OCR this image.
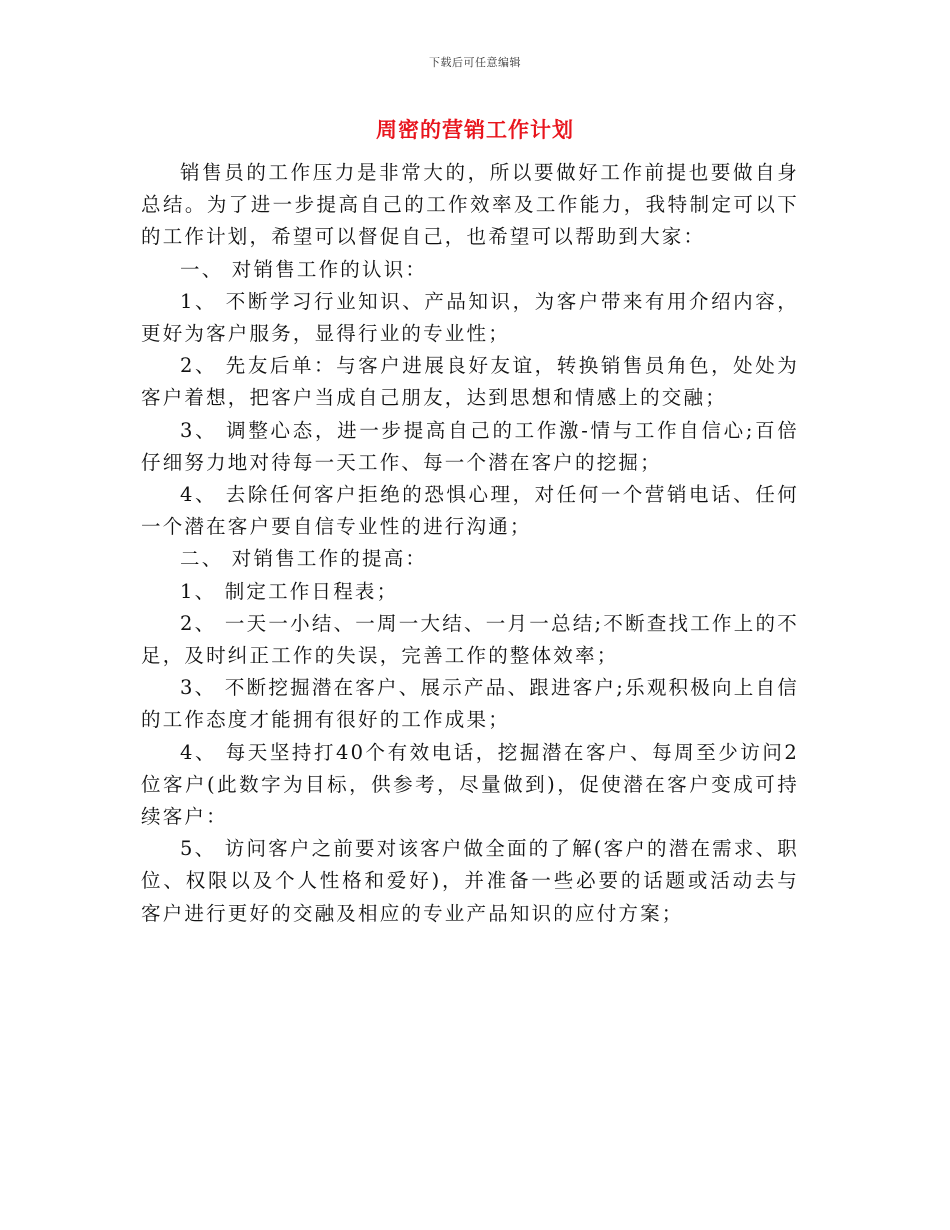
下载后可任意编辑
周密的营销工作计划

销售员的工作压力是非常大的，所以要做好工作前提也要做自身总结。为了进一步提高自己的工作效率及工作能力，我特制定可以下的工作计划，希望可以督促自己，也希望可以帮助到大家：

一、 对销售工作的认识：

1、 不断学习行业知识、产品知识，为客户带来有用介绍内容，更好为客户服务，显得行业的专业性；

2、 先友后单：与客户进展良好友谊，转换销售员角色，处处为客户着想，把客户当成自己朋友，达到思想和情感上的交融；

3、 调整心态，进一步提高自己的工作激-情与工作自信心;百倍仔细努力地对待每一天工作、每一个潜在客户的挖掘；

4、 去除任何客户拒绝的恐惧心理，对任何一个营销电话、任何一个潜在客户要自信专业性的进行沟通；

二、 对销售工作的提高：

1、 制定工作日程表；

2、 一天一小结、一周一大结、一月一总结;不断查找工作上的不足，及时纠正工作的失误，完善工作的整体效率；

3、 不断挖掘潜在客户、展示产品、跟进客户;乐观积极向上自信的工作态度才能拥有很好的工作成果；

4、 每天坚持打40个有效电话，挖掘潜在客户、每周至少访问2位客户(此数字为目标，供参考，尽量做到)，促使潜在客户变成可持续客户：

5、 访问客户之前要对该客户做全面的了解(客户的潜在需求、职位、权限以及个人性格和爱好)，并准备一些必要的话题或活动去与客户进行更好的交融及相应的专业产品知识的应付方案；
